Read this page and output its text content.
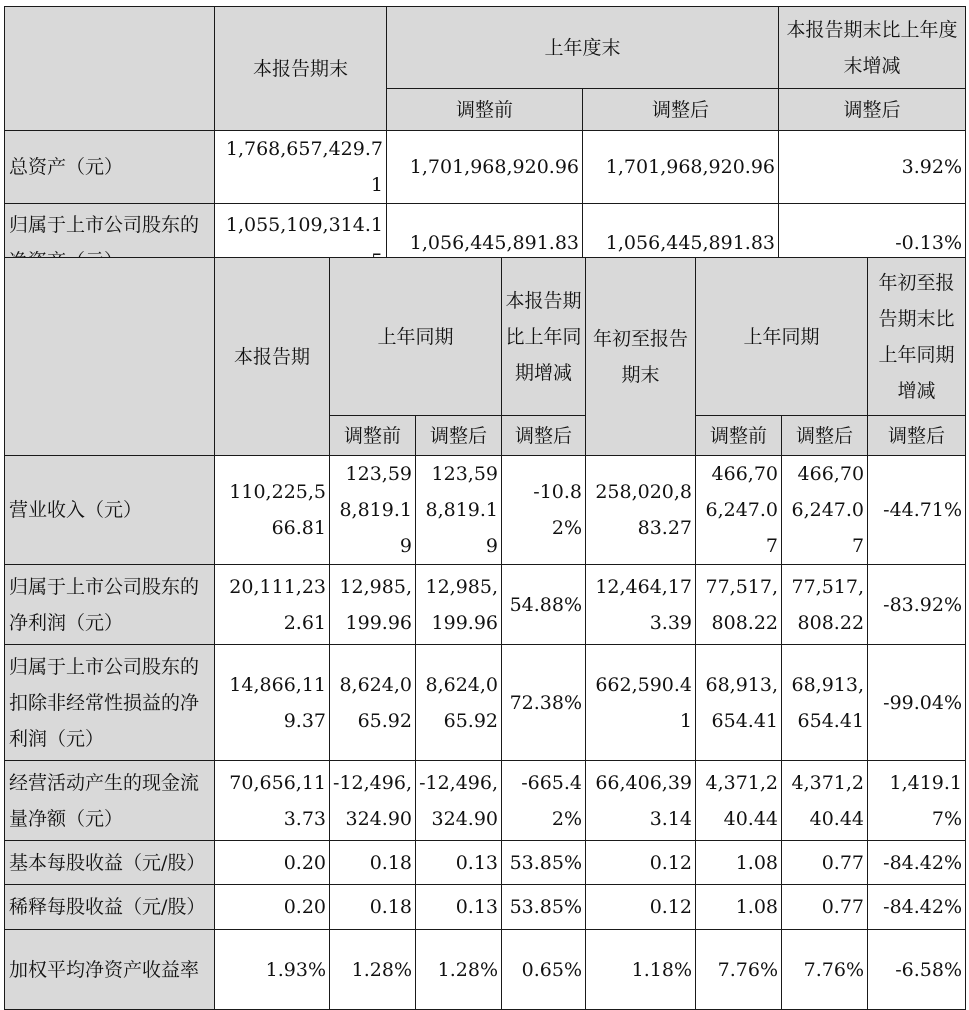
	本报告期末	上年度末		本报告期末比上年度末增减
		调整前	调整后	调整后
总资产（元）	1,768,657,429.71	1,701,968,920.96	1,701,968,920.96	3.92%
归属于上市公司股东的	1,055,109,314.1	1,056,445,891.83	1,056,445,891.83	-0.13%
	本报告期	上年同期		本报告期比上年同期增减	年初至报告期末	上年同期		年初至报告期末比上年同期增减
		调整前	调整后	调整后		调整前	调整后	调整后
营业收入（元）	110,225,566.81	123,598,819.19	123,598,819.19	-10.82%	258,020,883.27	466,706,247.07	466,706,247.07	-44.71%
归属于上市公司股东的净利润（元）	20,111,232.61	12,985,199.96	12,985,199.96	54.88%	12,464,173.39	77,517,808.22	77,517,808.22	-83.92%
归属于上市公司股东的扣除非经常性损益的净利润（元）	14,866,119.37	8,624,065.92	8,624,065.92	72.38%	662,590.41	68,913,654.41	68,913,654.41	-99.04%
经营活动产生的现金流量净额（元）	70,656,113.73	-12,496,324.90	-12,496,324.90	-665.42%	66,406,393.14	4,371,240.44	4,371,240.44	1,419.17%
基本每股收益（元/股）	0.20	0.18	0.13	53.85%	0.12	1.08	0.77	-84.42%
稀释每股收益（元/股）	0.20	0.18	0.13	53.85%	0.12	1.08	0.77	-84.42%
加权平均净资产收益率	1.93%	1.28%	1.28%	0.65%	1.18%	7.76%	7.76%	-6.58%
